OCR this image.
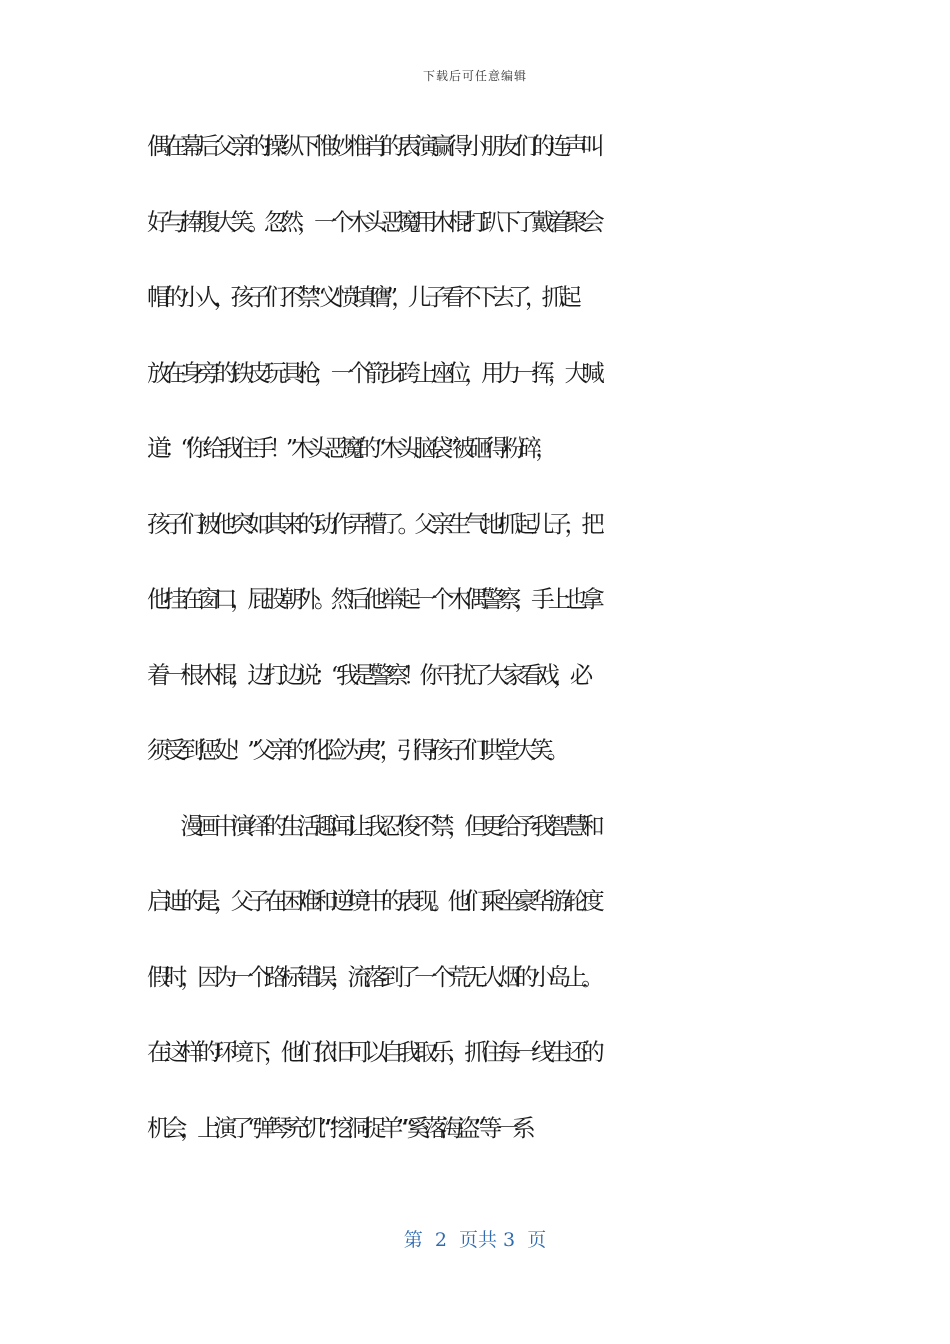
下载后可任意编辑
偶在幕后父亲的操纵下惟妙惟肖的表演赢得小朋友们的连声叫
好与捧腹大笑。忽然，一个木头恶魔用木棍打趴下了戴着聚会
帽的小人，孩子们不禁“义愤填膺”，儿子看不下去了，抓起
放在身旁的铁皮玩具枪，一个箭步跨上座位，用力一挥，大喊
道：“你给我住手！”木头恶魔的“木头脑袋”被砸得粉碎，
孩子们被他突如其来的动作弄懵了。父亲生气地抓起儿子，把
他挂在窗口，屁股朝外。然后他举起一个木偶警察，手上也拿
着一根木棍，边打边说：“我是警察！你干扰了大家看戏，必
须受到惩处！”父亲的“化险为夷”，引得孩子们哄堂大笑。
　　漫画中演绎的生活趣闻让我忍俊不禁，但更给予我智慧和
启迪的是，父子在困难和逆境中的表现。他们乘坐豪华游轮度
假时，因为一个路标错误，流落到了一个荒无人烟的小岛上。
在这样的环境下，他们依旧可以自我取乐，抓住每一线生还的
机会，上演了“弹琴充饥”“挖洞捉羊”“奚落海盗”等一系
第  2  页共 3  页
